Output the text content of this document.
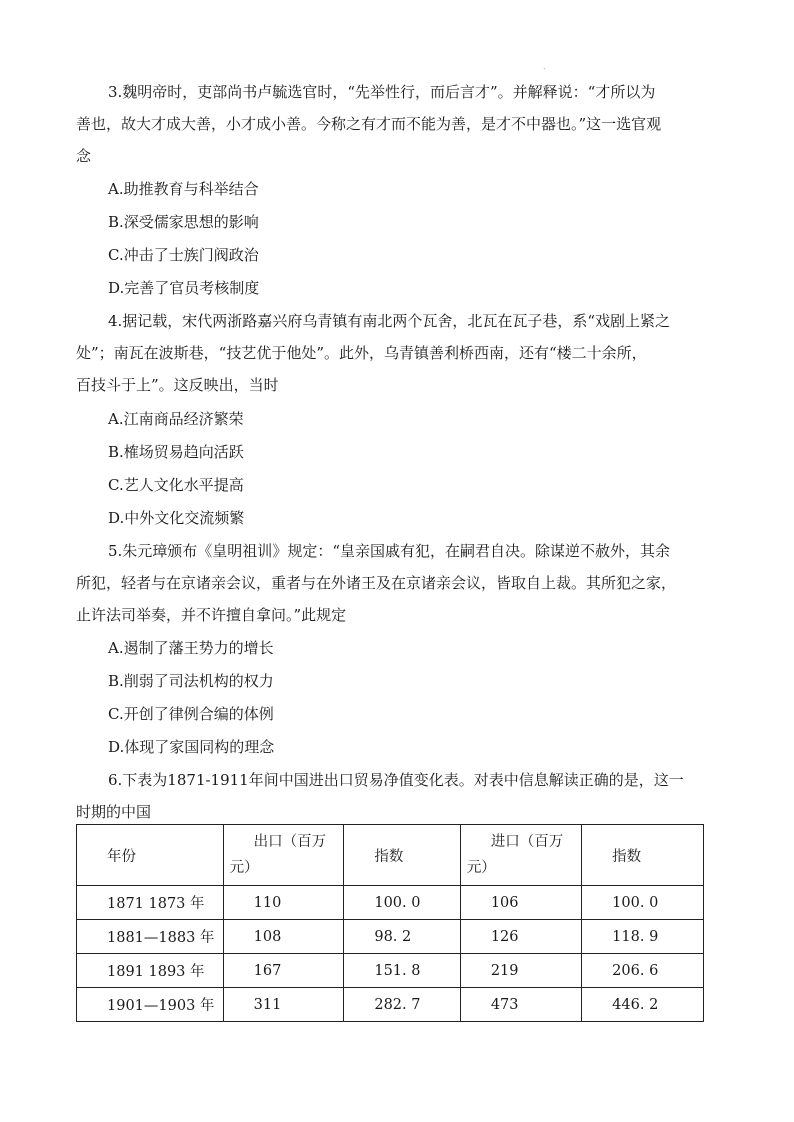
.
3.魏明帝时，吏部尚书卢毓选官时，“先举性行，而后言才”。并解释说：“才所以为
善也，故大才成大善，小才成小善。今称之有才而不能为善，是才不中器也。”这一选官观
念
A.助推教育与科举结合
B.深受儒家思想的影响
C.冲击了士族门阀政治
D.完善了官员考核制度
4.据记载，宋代两浙路嘉兴府乌青镇有南北两个瓦舍，北瓦在瓦子巷，系“戏剧上紧之
处”；南瓦在波斯巷，“技艺优于他处”。此外，乌青镇善利桥西南，还有“楼二十余所，
百技斗于上”。这反映出，当时
A.江南商品经济繁荣
B.榷场贸易趋向活跃
C.艺人文化水平提高
D.中外文化交流频繁
5.朱元璋颁布《皇明祖训》规定：“皇亲国戚有犯，在嗣君自决。除谋逆不赦外，其余
所犯，轻者与在京诸亲会议，重者与在外诸王及在京诸亲会议，皆取自上裁。其所犯之家，
止许法司举奏，并不许擅自拿问。”此规定
A.遏制了藩王势力的增长
B.削弱了司法机构的权力
C.开创了律例合编的体例
D.体现了家国同构的理念
6.下表为1871-1911年间中国进出口贸易净值变化表。对表中信息解读正确的是，这一
时期的中国
年份	出口（百万
元）	指数	进口（百万
元）	指数
1871 1873 年	110	100. 0	106	100. 0
1881—1883 年	108	98. 2	126	118. 9
1891 1893 年	167	151. 8	219	206. 6
1901—1903 年	311	282. 7	473	446. 2
